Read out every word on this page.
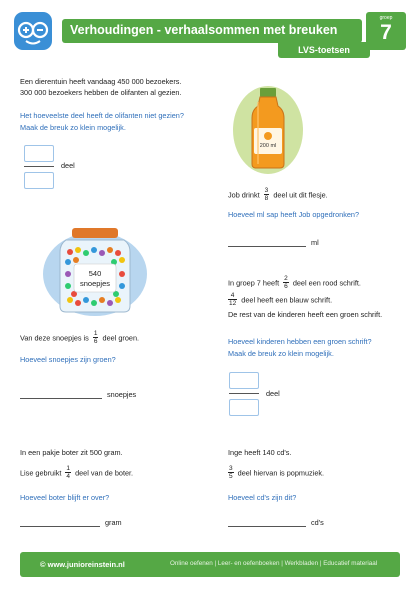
Verhoudingen - verhaalsommen met breuken
LVS-toetsen
groep
7
Een dierentuin heeft vandaag 450 000 bezoekers.
300 000 bezoekers hebben de olifanten al gezien.
Het hoeveelste deel heeft de olifanten niet gezien?
Maak de breuk zo klein mogelijk.
deel
200 ml
Job drinkt $\frac{3}{8}$ deel uit dit flesje.
Hoeveel ml sap heeft Job opgedronken?
ml
540
snoepjes
Van deze snoepjes is $\frac{1}{6}$ deel groen.
Hoeveel snoepjes zijn groen?
snoepjes
In groep 7 heeft $\frac{2}{6}$ deel een rood schrift.
$\frac{4}{12}$ deel heeft een blauw schrift.
De rest van de kinderen heeft een groen schrift.
Hoeveel kinderen hebben een groen schrift?
Maak de breuk zo klein mogelijk.
deel
In een pakje boter zit 500 gram.
Lise gebruikt $\frac{1}{4}$ deel van de boter.
Hoeveel boter blijft er over?
gram
Inge heeft 140 cd's.
$\frac{3}{5}$ deel hiervan is popmuziek.
Hoeveel cd's zijn dit?
cd's
© www.junioreinstein.nl	Online oefenen | Leer- en oefenboeken | Werkbladen | Educatief materiaal
